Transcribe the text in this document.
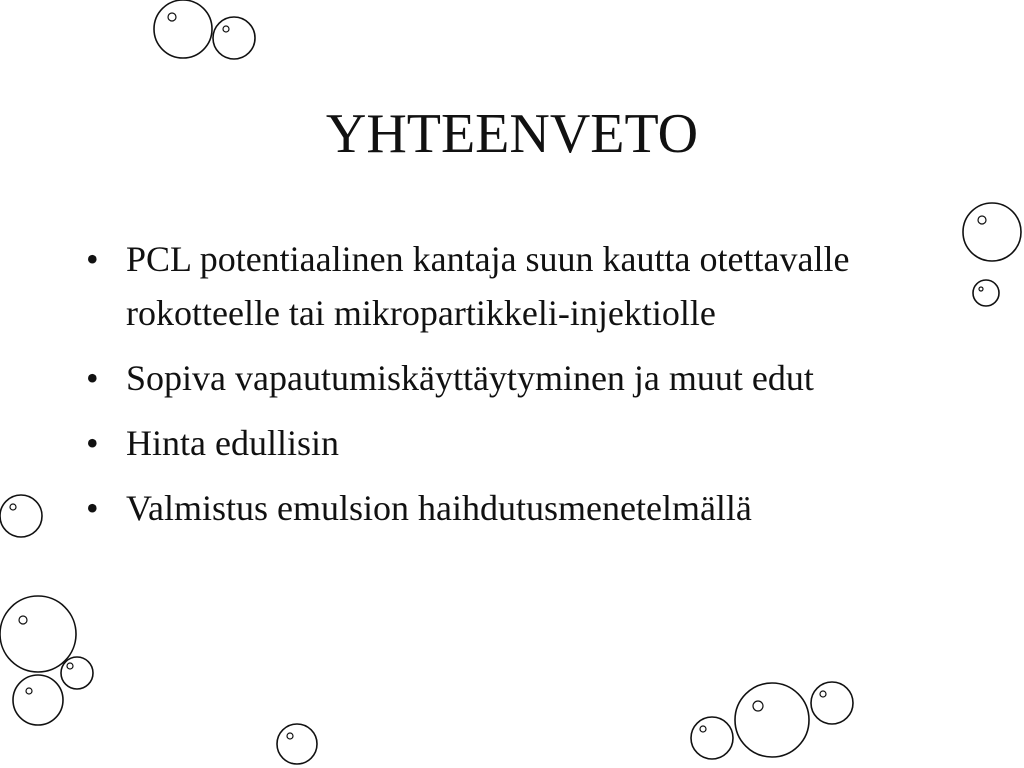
YHTEENVETO
• PCL potentiaalinen kantaja suun kautta otettavalle rokotteelle tai mikropartikkeli-injektiolle
• Sopiva vapautumiskäyttäytyminen ja muut edut
• Hinta edullisin
• Valmistus emulsion haihdutusmenetelmällä
